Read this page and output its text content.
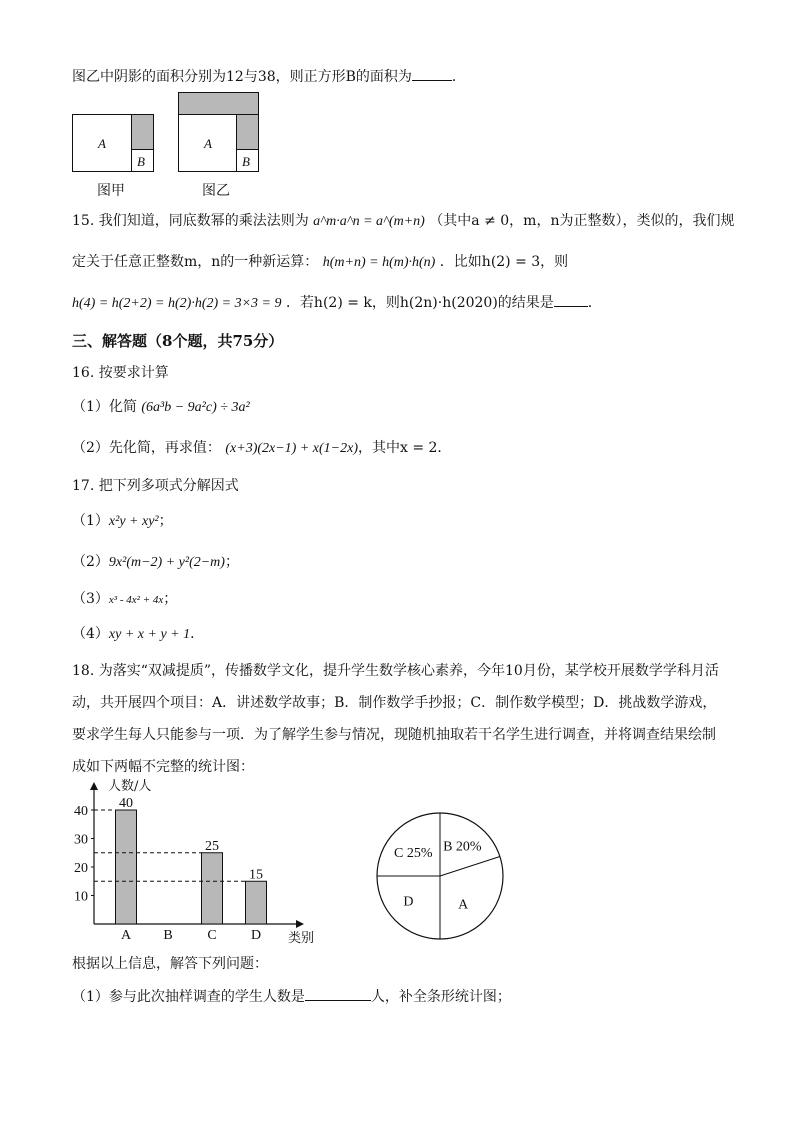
图乙中阴影的面积分别为12与38，则正方形B的面积为	．
A
B
图甲
A
B
图乙
15. 我们知道，同底数幂的乘法法则为 a^m·a^n = a^(m+n) （其中a ≠ 0，m，n为正整数），类似的，我们规
定关于任意正整数m，n的一种新运算： h(m+n) = h(m)·h(n) ．比如h(2) = 3，则
h(4) = h(2+2) = h(2)·h(2) = 3×3 = 9 ．若h(2) = k，则h(2n)·h(2020)的结果是 ．
三、解答题（8个题，共75分）
16. 按要求计算
（1）化简 (6a³b − 9a²c) ÷ 3a²
（2）先化简，再求值： (x+3)(2x−1) + x(1−2x)，其中x = 2．
17. 把下列多项式分解因式
（1）x²y + xy²；
（2）9x²(m−2) + y²(2−m)；
（3）x³ - 4x² + 4x；
（4）xy + x + y + 1．
18. 为落实“双减提质”，传播数学文化，提升学生数学核心素养，今年10月份，某学校开展数学学科月活
动，共开展四个项目：A．讲述数学故事；B．制作数学手抄报；C．制作数学模型；D．挑战数学游戏，
要求学生每人只能参与一项．为了解学生参与情况，现随机抽取若干名学生进行调查，并将调查结果绘制
成如下两幅不完整的统计图：
人数/人
类别
10
20
30
40
A
40
B C
25
D
15
B 20%
A
D
C 25%
根据以上信息，解答下列问题：
（1）参与此次抽样调查的学生人数是	人，补全条形统计图；
